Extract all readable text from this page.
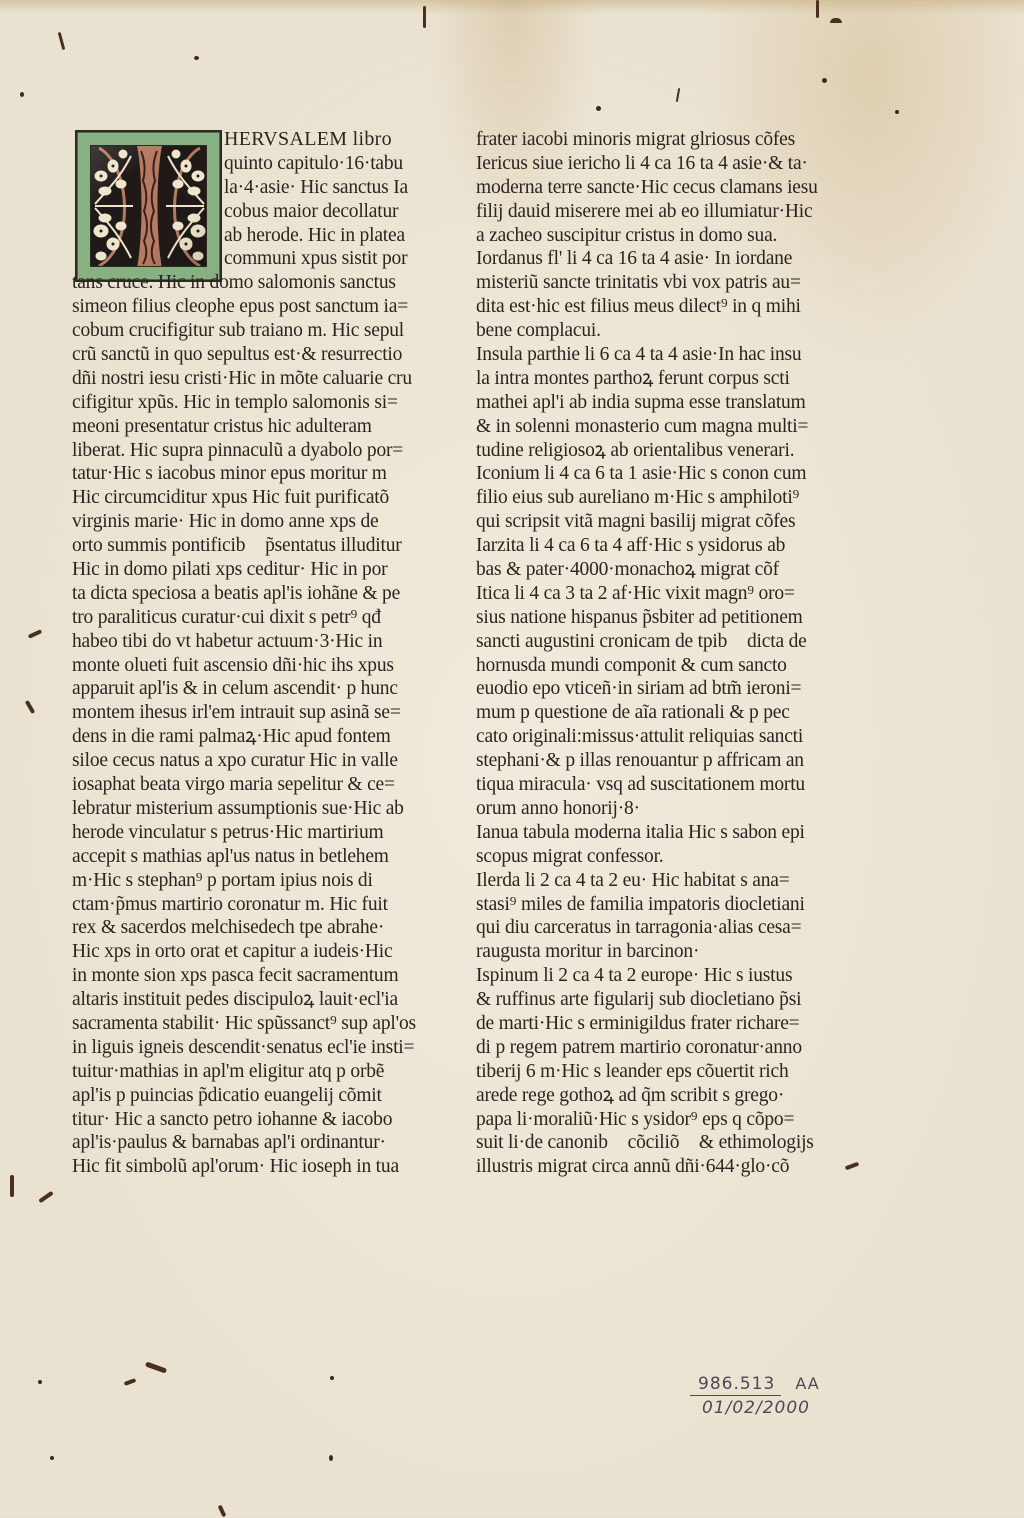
HERVSALEM libro
quinto capitulo·16·tabu
la·4·asie· Hic sanctus Ia
cobus maior decollatur
ab herode. Hic in platea
communi xpus sistit por
tans cruce. Hic in domo salomonis sanctus
simeon filius cleophe epus post sanctum ia=
cobum crucifigitur sub traiano m. Hic sepul
crũ sanctũ in quo sepultus est·& resurrectio
dñi nostri iesu cristi·Hic in mõte caluarie cru
cifigitur xpũs. Hic in templo salomonis si=
meoni presentatur cristus hic adulteram
liberat. Hic supra pinnaculũ a dyabolo por=
tatur·Hic s iacobus minor epus moritur m
Hic circumciditur xpus Hic fuit purificatõ
virginis marie· Hic in domo anne xps de
orto summis pontificib᷑ p̃sentatus illuditur
Hic in domo pilati xps ceditur· Hic in por
ta dicta speciosa a beatis apl'is iohãne & pe
tro paraliticus curatur·cui dixit s petr⁹ qđ
habeo tibi do vt habetur actuum·3·Hic in
monte olueti fuit ascensio dñi·hic ihs xpus
apparuit apl'is & in celum ascendit· p hunc
montem ihesus irl'em intrauit sup asinã se=
dens in die rami palmaꝝ·Hic apud fontem
siloe cecus natus a xpo curatur Hic in valle
iosaphat beata virgo maria sepelitur & ce=
lebratur misterium assumptionis sue·Hic ab
herode vinculatur s petrus·Hic martirium
accepit s mathias apl'us natus in betlehem
m·Hic s stephan⁹ p portam ipius nois di
ctam·p̃mus martirio coronatur m. Hic fuit
rex & sacerdos melchisedech tpe abrahe·
Hic xps in orto orat et capitur a iudeis·Hic
in monte sion xps pasca fecit sacramentum
altaris instituit pedes discipuloꝝ lauit·ecl'ia
sacramenta stabilit· Hic spũssanct⁹ sup apl'os
in liguis igneis descendit·senatus ecl'ie insti=
tuitur·mathias in apl'm eligitur atq p orbẽ
apl'is p puincias p̃dicatio euangelij cõmit
titur· Hic a sancto petro iohanne & iacobo
apl'is·paulus & barnabas apl'i ordinantur·
Hic fit simbolũ apl'orum· Hic ioseph in tua
frater iacobi minoris migrat glriosus cõfes
Iericus siue iericho li 4 ca 16 ta 4 asie·& ta·
moderna terre sancte·Hic cecus clamans iesu
filij dauid miserere mei ab eo illumiatur·Hic
a zacheo suscipitur cristus in domo sua.
Iordanus fl' li 4 ca 16 ta 4 asie· In iordane
misteriũ sancte trinitatis vbi vox patris au=
dita est·hic est filius meus dilect⁹ in q mihi
bene complacui.
Insula parthie li 6 ca 4 ta 4 asie·In hac insu
la intra montes parthoꝝ ferunt corpus scti
mathei apl'i ab india supma esse translatum
& in solenni monasterio cum magna multi=
tudine religiosoꝝ ab orientalibus venerari.
Iconium li 4 ca 6 ta 1 asie·Hic s conon cum
filio eius sub aureliano m·Hic s amphiloti⁹
qui scripsit vitã magni basilij migrat cõfes
Iarzita li 4 ca 6 ta 4 aff·Hic s ysidorus ab
bas & pater·4000·monachoꝝ migrat cõf
Itica li 4 ca 3 ta 2 af·Hic vixit magn⁹ oro=
sius natione hispanus p̃sbiter ad petitionem
sancti augustini cronicam de tpib᷑ dicta de
hornusda mundi componit & cum sancto
euodio epo vticeñ·in siriam ad btm̃ ieroni=
mum p questione de aĩa rationali & p pec
cato originali:missus·attulit reliquias sancti
stephani·& p illas renouantur p affricam an
tiqua miracula· vsq ad suscitationem mortu
orum anno honorij·8·
Ianua tabula moderna italia Hic s sabon epi
scopus migrat confessor.
Ilerda li 2 ca 4 ta 2 eu· Hic habitat s ana=
stasi⁹ miles de familia impatoris diocletiani
qui diu carceratus in tarragonia·alias cesa=
raugusta moritur in barcinon·
Ispinum li 2 ca 4 ta 2 europe· Hic s iustus
& ruffinus arte figularij sub diocletiano p̃si
de marti·Hic s erminigildus frater richare=
di p regem patrem martirio coronatur·anno
tiberij 6 m·Hic s leander eps cõuertit rich
arede rege gothoꝝ ad q̃m scribit s grego·
papa li·moraliũ·Hic s ysidor⁹ eps q cõpo=
suit li·de canonib᷑ cõciliõꝝ & ethimologijs
illustris migrat circa annũ dñi·644·glo·cõ
986.513 AA
01/02/2000
